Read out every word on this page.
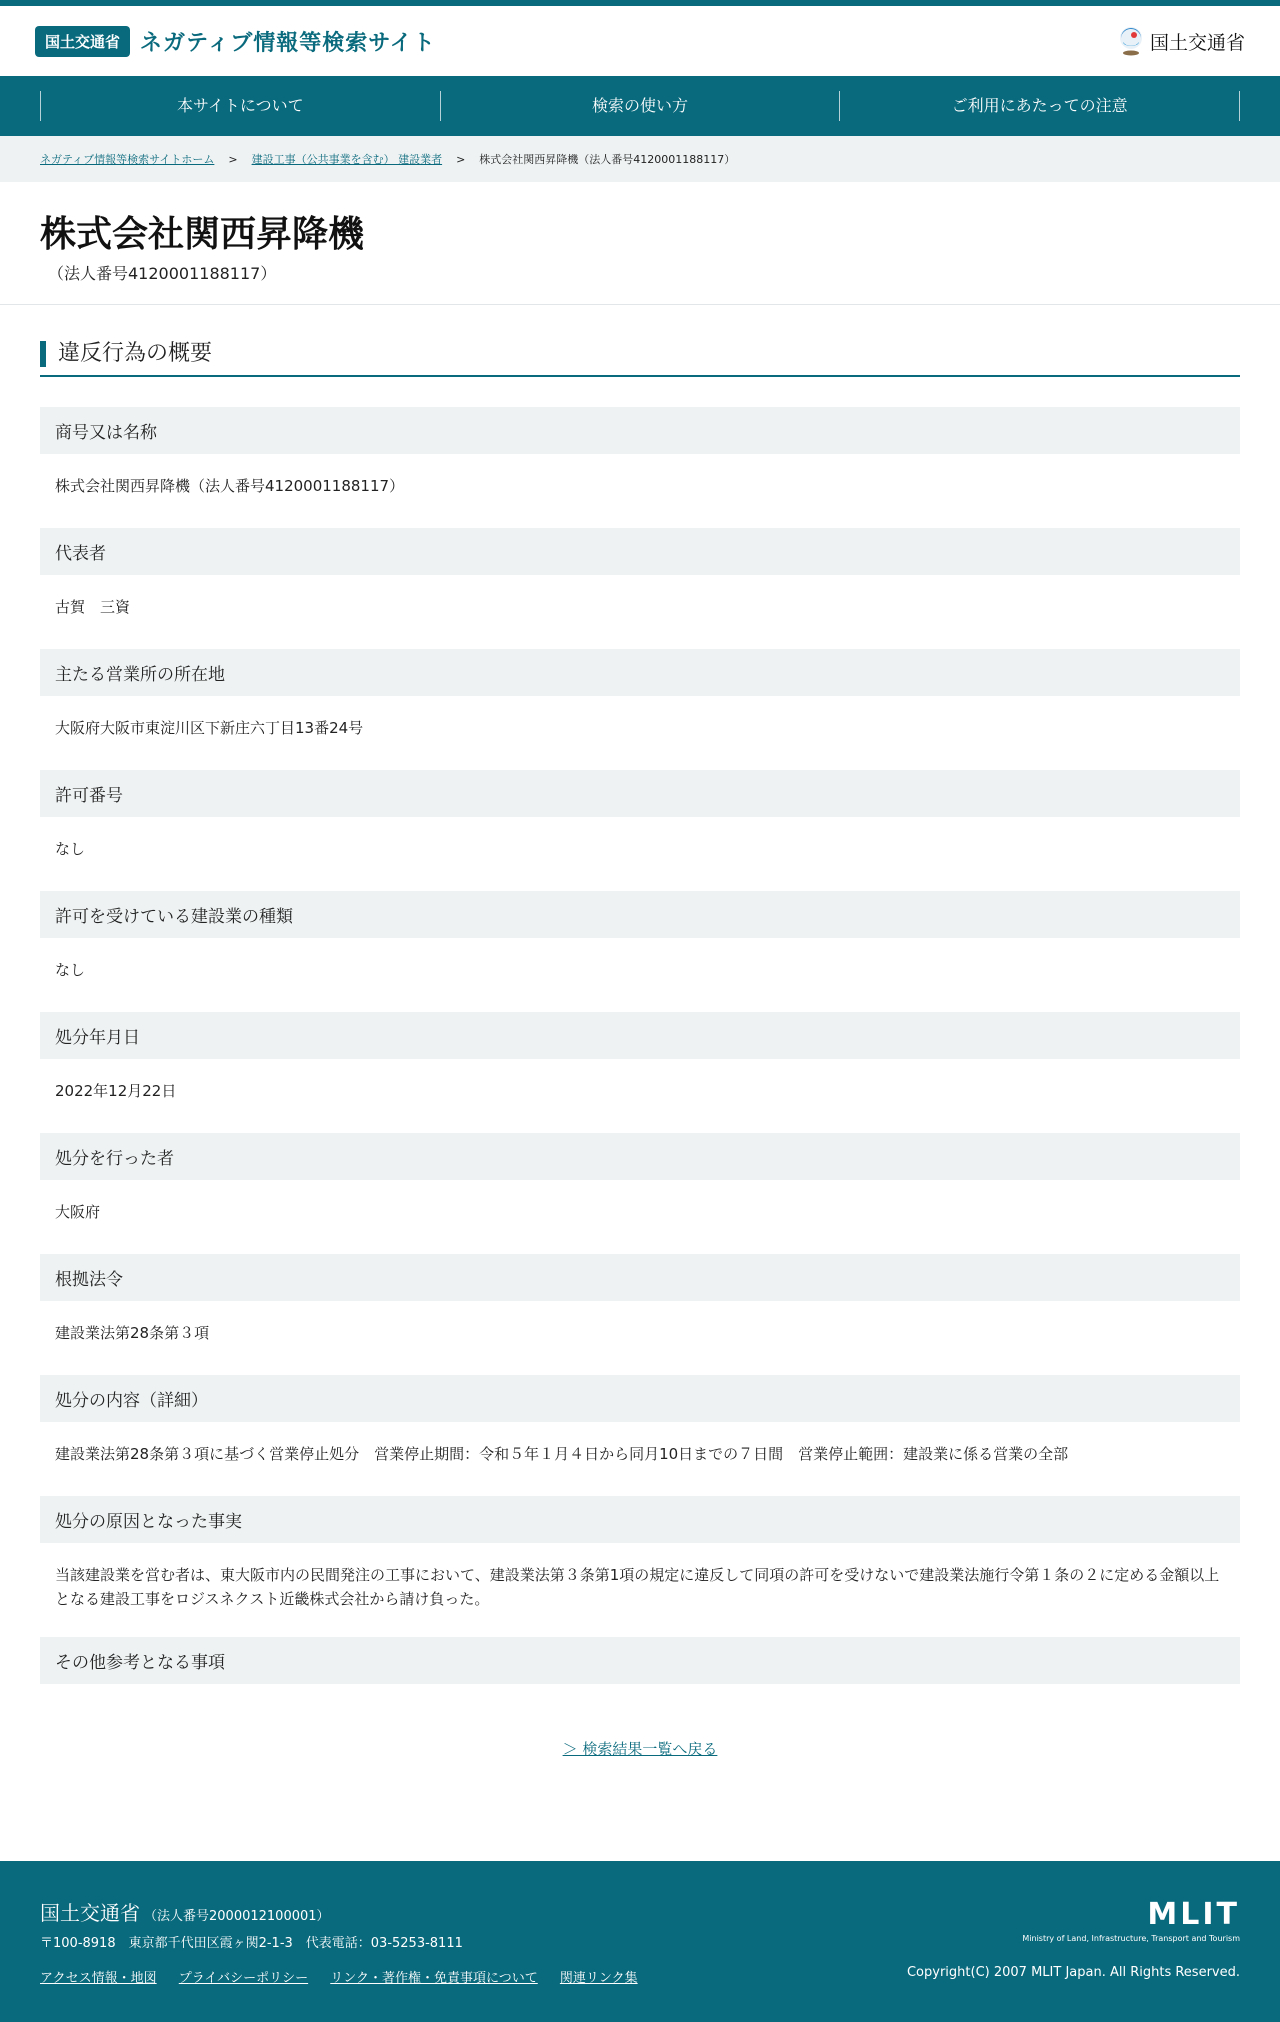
国土交通省 ネガティブ情報等検索サイト	国土交通省
本サイトについて	検索の使い方	ご利用にあたっての注意
ネガティブ情報等検索サイトホーム > 建設工事（公共事業を含む） 建設業者 > 株式会社関西昇降機（法人番号4120001188117）
株式会社関西昇降機
（法人番号4120001188117）
違反行為の概要
商号又は名称
株式会社関西昇降機（法人番号4120001188117）
代表者
古賀　三資
主たる営業所の所在地
大阪府大阪市東淀川区下新庄六丁目13番24号
許可番号
なし
許可を受けている建設業の種類
なし
処分年月日
2022年12月22日
処分を行った者
大阪府
根拠法令
建設業法第28条第３項
処分の内容（詳細）
建設業法第28条第３項に基づく営業停止処分　営業停止期間：令和５年１月４日から同月10日までの７日間　営業停止範囲：建設業に係る営業の全部
処分の原因となった事実
当該建設業を営む者は、東大阪市内の民間発注の工事において、建設業法第３条第1項の規定に違反して同項の許可を受けないで建設業法施行令第１条の２に定める金額以上となる建設工事をロジスネクスト近畿株式会社から請け負った。
その他参考となる事項
＞ 検索結果一覧へ戻る
国土交通省 （法人番号2000012100001）
〒100-8918　東京都千代田区霞ヶ関2-1-3　代表電話：03-5253-8111
アクセス情報・地図 プライバシーポリシー リンク・著作権・免責事項について 関連リンク集
MLIT
Ministry of Land, Infrastructure, Transport and Tourism
Copyright(C) 2007 MLIT Japan. All Rights Reserved.
